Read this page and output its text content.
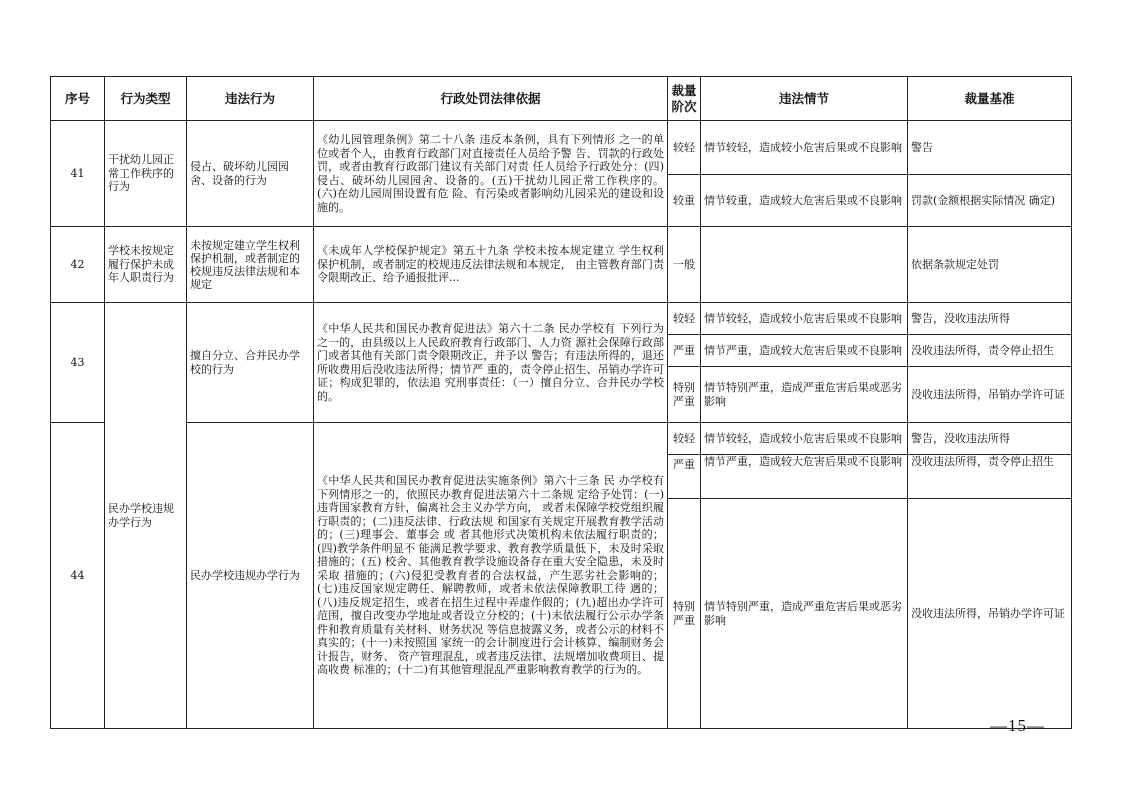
序号	行为类型	违法行为	行政处罚法律依据	裁量阶次	违法情节	裁量基准
41	干扰幼儿园正常工作秩序的行为	侵占、破坏幼儿园园舍、设备的行为	《幼儿园管理条例》第二十八条 违反本条例，具有下列情形 之一的单位或者个人，由教育行政部门对直接责任人员给予警 告、罚款的行政处罚，或者由教育行政部门建议有关部门对责 任人员给予行政处分：(四)侵占、破坏幼儿园园舍、设备的。(五)干扰幼儿园正常工作秩序的。(六)在幼儿园周围设置有危 险、有污染或者影响幼儿园采光的建设和设施的。	较轻	情节较轻，造成较小危害后果或不良影响	警告
				较重	情节较重，造成较大危害后果或不良影响	罚款(金额根据实际情况 确定)
42	学校未按规定履行保护未成年人职责行为	未按规定建立学生权利保护机制，或者制定的校规违反法律法规和本规定	《未成年人学校保护规定》第五十九条 学校未按本规定建立 学生权利保护机制，或者制定的校规违反法律法规和本规定， 由主管教育部门责令限期改正、给予通报批评...	一般		依据条款规定处罚
43	民办学校违规办学行为	擅自分立、合并民办学校的行为	《中华人民共和国民办教育促进法》第六十二条 民办学校有 下列行为之一的，由县级以上人民政府教育行政部门、人力资 源社会保障行政部门或者其他有关部门责令限期改正，并予以 警告；有违法所得的，退还所收费用后没收违法所得；情节严 重的，责令停止招生、吊销办学许可证；构成犯罪的，依法追 究刑事责任：（一）擅自分立、合并民办学校的。	较轻	情节较轻，造成较小危害后果或不良影响	警告，没收违法所得
				严重	情节严重，造成较大危害后果或不良影响	没收违法所得，责令停止招生
				特别严重	情节特别严重，造成严重危害后果或恶劣影响	没收违法所得，吊销办学许可证
44		民办学校违规办学行为	《中华人民共和国民办教育促进法实施条例》第六十三条 民 办学校有下列情形之一的，依照民办教育促进法第六十二条规 定给予处罚：(一)违背国家教育方针，偏离社会主义办学方向， 或者未保障学校党组织履行职责的；(二)违反法律、行政法规 和国家有关规定开展教育教学活动的；(三)理事会、董事会 或 者其他形式决策机构未依法履行职责的；(四)教学条件明显不 能满足教学要求、教育教学质量低下，未及时采取措施的；(五) 校舍、其他教育教学设施设备存在重大安全隐患，未及时采取 措施的；(六)侵犯受教育者的合法权益，产生恶劣社会影响的；(七)违反国家规定聘任、解聘教师，或者未依法保障教职工待 遇的；(八)违反规定招生，或者在招生过程中弄虚作假的；(九)超出办学许可范围，擅自改变办学地址或者设立分校的；(十)未依法履行公示办学条件和教育质量有关材料、财务状况 等信息披露义务，或者公示的材料不真实的；(十一)未按照国 家统一的会计制度进行会计核算、编制财务会计报告，财务、 资产管理混乱，或者违反法律、法规增加收费项目、提高收费 标准的；(十二)有其他管理混乱严重影响教育教学的行为的。	较轻	情节较轻，造成较小危害后果或不良影响	警告，没收违法所得
				严重	情节严重，造成较大危害后果或不良影响	没收违法所得，责令停止招生
				特别严重	情节特别严重，造成严重危害后果或恶劣影响	没收违法所得，吊销办学许可证
—15—
